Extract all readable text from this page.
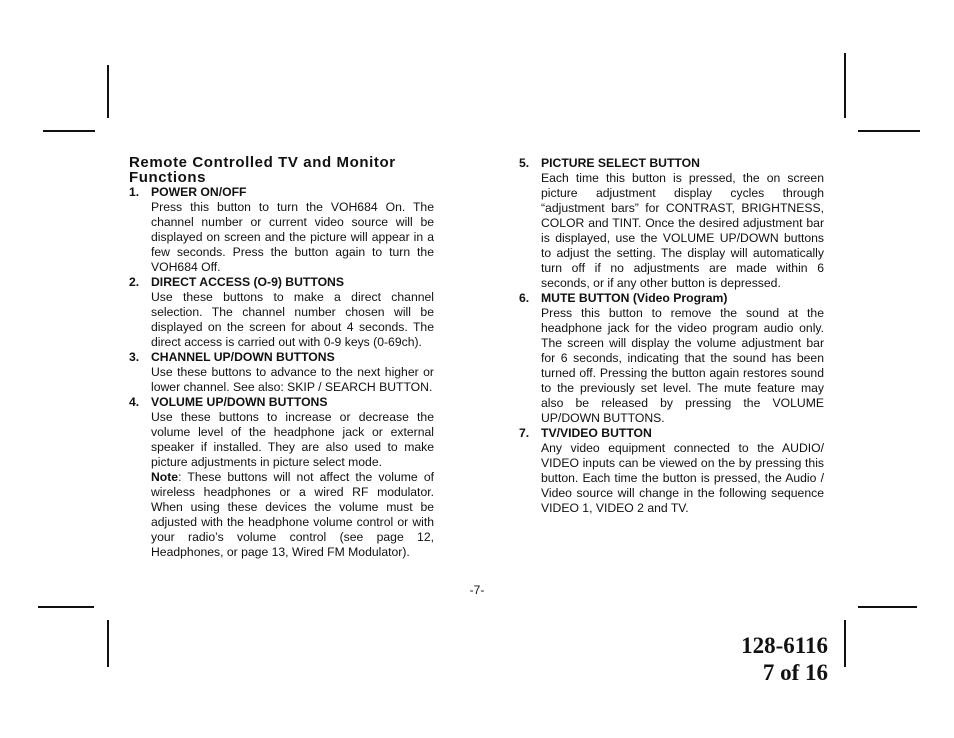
Remote Controlled TV and Monitor Functions
1. POWER ON/OFF

Press this button to turn the VOH684 On. The channel number or current video source will be displayed on screen and the picture will appear in a few seconds. Press the button again to turn the VOH684 Off.

2. DIRECT ACCESS (O-9) BUTTONS

Use these buttons to make a direct channel selection. The channel number chosen will be displayed on the screen for about 4 seconds. The direct access is carried out with 0-9 keys (0-69ch).

3. CHANNEL UP/DOWN BUTTONS

Use these buttons to advance to the next higher or lower channel. See also: SKIP / SEARCH BUTTON.

4. VOLUME UP/DOWN BUTTONS

Use these buttons to increase or decrease the volume level of the headphone jack or external speaker if installed. They are also used to make picture adjustments in picture select mode.

Note: These buttons will not affect the volume of wireless headphones or a wired RF modulator. When using these devices the volume must be adjusted with the headphone volume control or with your radio’s volume control (see page 12, Headphones, or page 13, Wired FM Modulator).

5. PICTURE SELECT BUTTON

Each time this button is pressed, the on screen picture adjustment display cycles through “adjustment bars” for CONTRAST, BRIGHTNESS, COLOR and TINT. Once the desired adjustment bar is displayed, use the VOLUME UP/DOWN buttons to adjust the setting. The display will automatically turn off if no adjustments are made within 6 seconds, or if any other button is depressed.

6. MUTE BUTTON (Video Program)

Press this button to remove the sound at the headphone jack for the video program audio only. The screen will display the volume adjustment bar for 6 seconds, indicating that the sound has been turned off. Pressing the button again restores sound to the previously set level. The mute feature may also be released by pressing the VOLUME UP/DOWN BUTTONS.

7. TV/VIDEO BUTTON

Any video equipment connected to the AUDIO/ VIDEO inputs can be viewed on the by pressing this button. Each time the button is pressed, the Audio / Video source will change in the following sequence VIDEO 1, VIDEO 2 and TV.

-7-
128-6116
7 of 16
